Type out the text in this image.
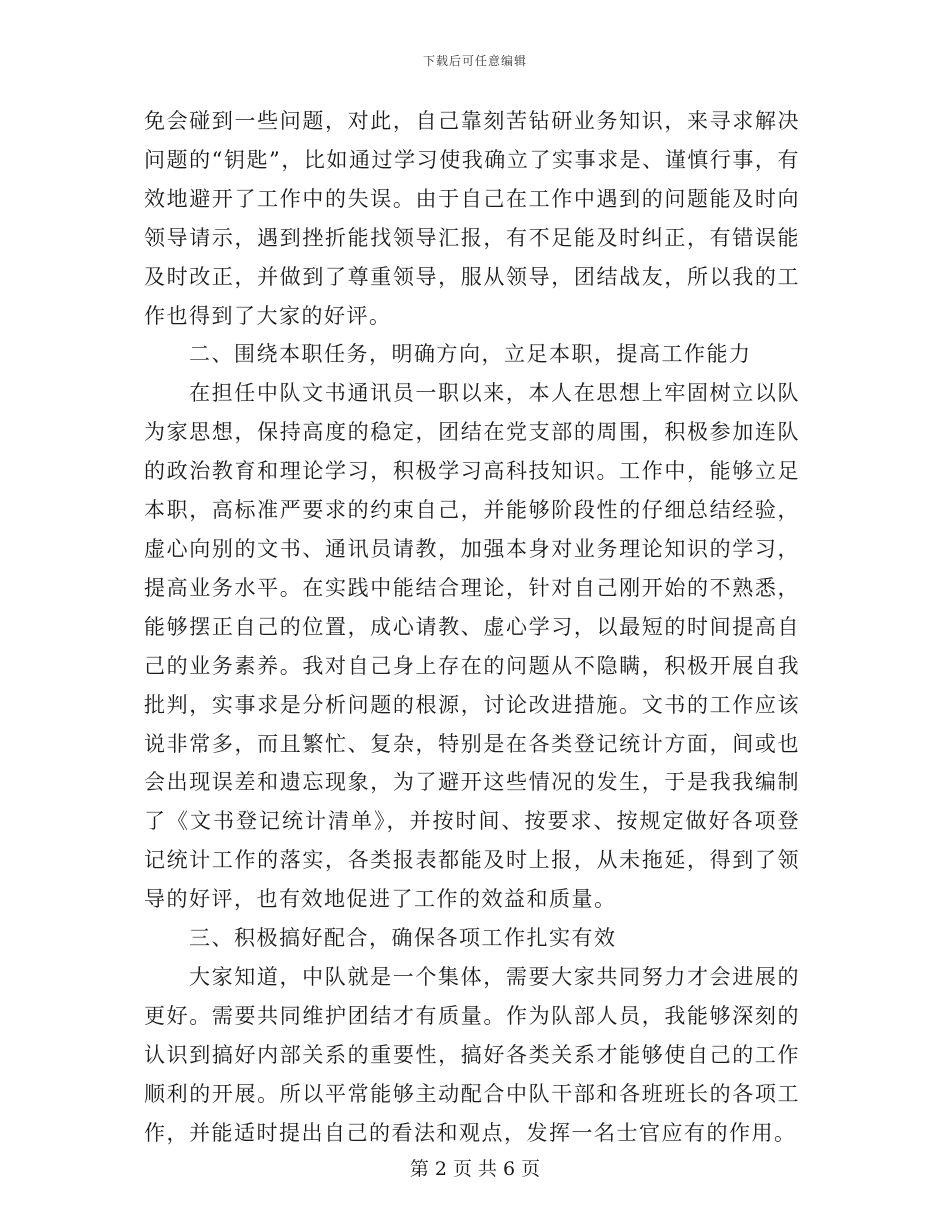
下载后可任意编辑

免会碰到一些问题，对此，自己靠刻苦钻研业务知识，来寻求解决问题的“钥匙”，比如通过学习使我确立了实事求是、谨慎行事，有效地避开了工作中的失误。由于自己在工作中遇到的问题能及时向领导请示，遇到挫折能找领导汇报，有不足能及时纠正，有错误能及时改正，并做到了尊重领导，服从领导，团结战友，所以我的工作也得到了大家的好评。

二、围绕本职任务，明确方向，立足本职，提高工作能力

在担任中队文书通讯员一职以来，本人在思想上牢固树立以队为家思想，保持高度的稳定，团结在党支部的周围，积极参加连队的政治教育和理论学习，积极学习高科技知识。工作中，能够立足本职，高标准严要求的约束自己，并能够阶段性的仔细总结经验，虚心向别的文书、通讯员请教，加强本身对业务理论知识的学习，提高业务水平。在实践中能结合理论，针对自己刚开始的不熟悉，能够摆正自己的位置，成心请教、虚心学习，以最短的时间提高自己的业务素养。我对自己身上存在的问题从不隐瞒，积极开展自我批判，实事求是分析问题的根源，讨论改进措施。文书的工作应该说非常多，而且繁忙、复杂，特别是在各类登记统计方面，间或也会出现误差和遗忘现象，为了避开这些情况的发生，于是我我编制了《文书登记统计清单》，并按时间、按要求、按规定做好各项登记统计工作的落实，各类报表都能及时上报，从未拖延，得到了领导的好评，也有效地促进了工作的效益和质量。

三、积极搞好配合，确保各项工作扎实有效

大家知道，中队就是一个集体，需要大家共同努力才会进展的更好。需要共同维护团结才有质量。作为队部人员，我能够深刻的认识到搞好内部关系的重要性，搞好各类关系才能够使自己的工作顺利的开展。所以平常能够主动配合中队干部和各班班长的各项工作，并能适时提出自己的看法和观点，发挥一名士官应有的作用。

第 2 页 共 6 页
